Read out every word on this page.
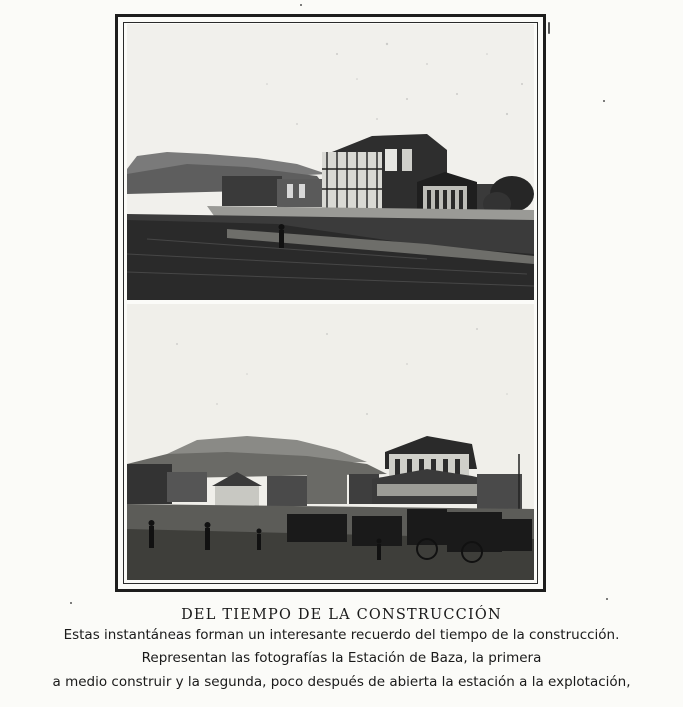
DEL TIEMPO DE LA CONSTRUCCIÓN
Estas instantáneas forman un interesante recuerdo del tiempo de la construcción.
Representan las fotografías la Estación de Baza, la primera
a medio construir y la segunda, poco después de abierta la estación a la explotación,
